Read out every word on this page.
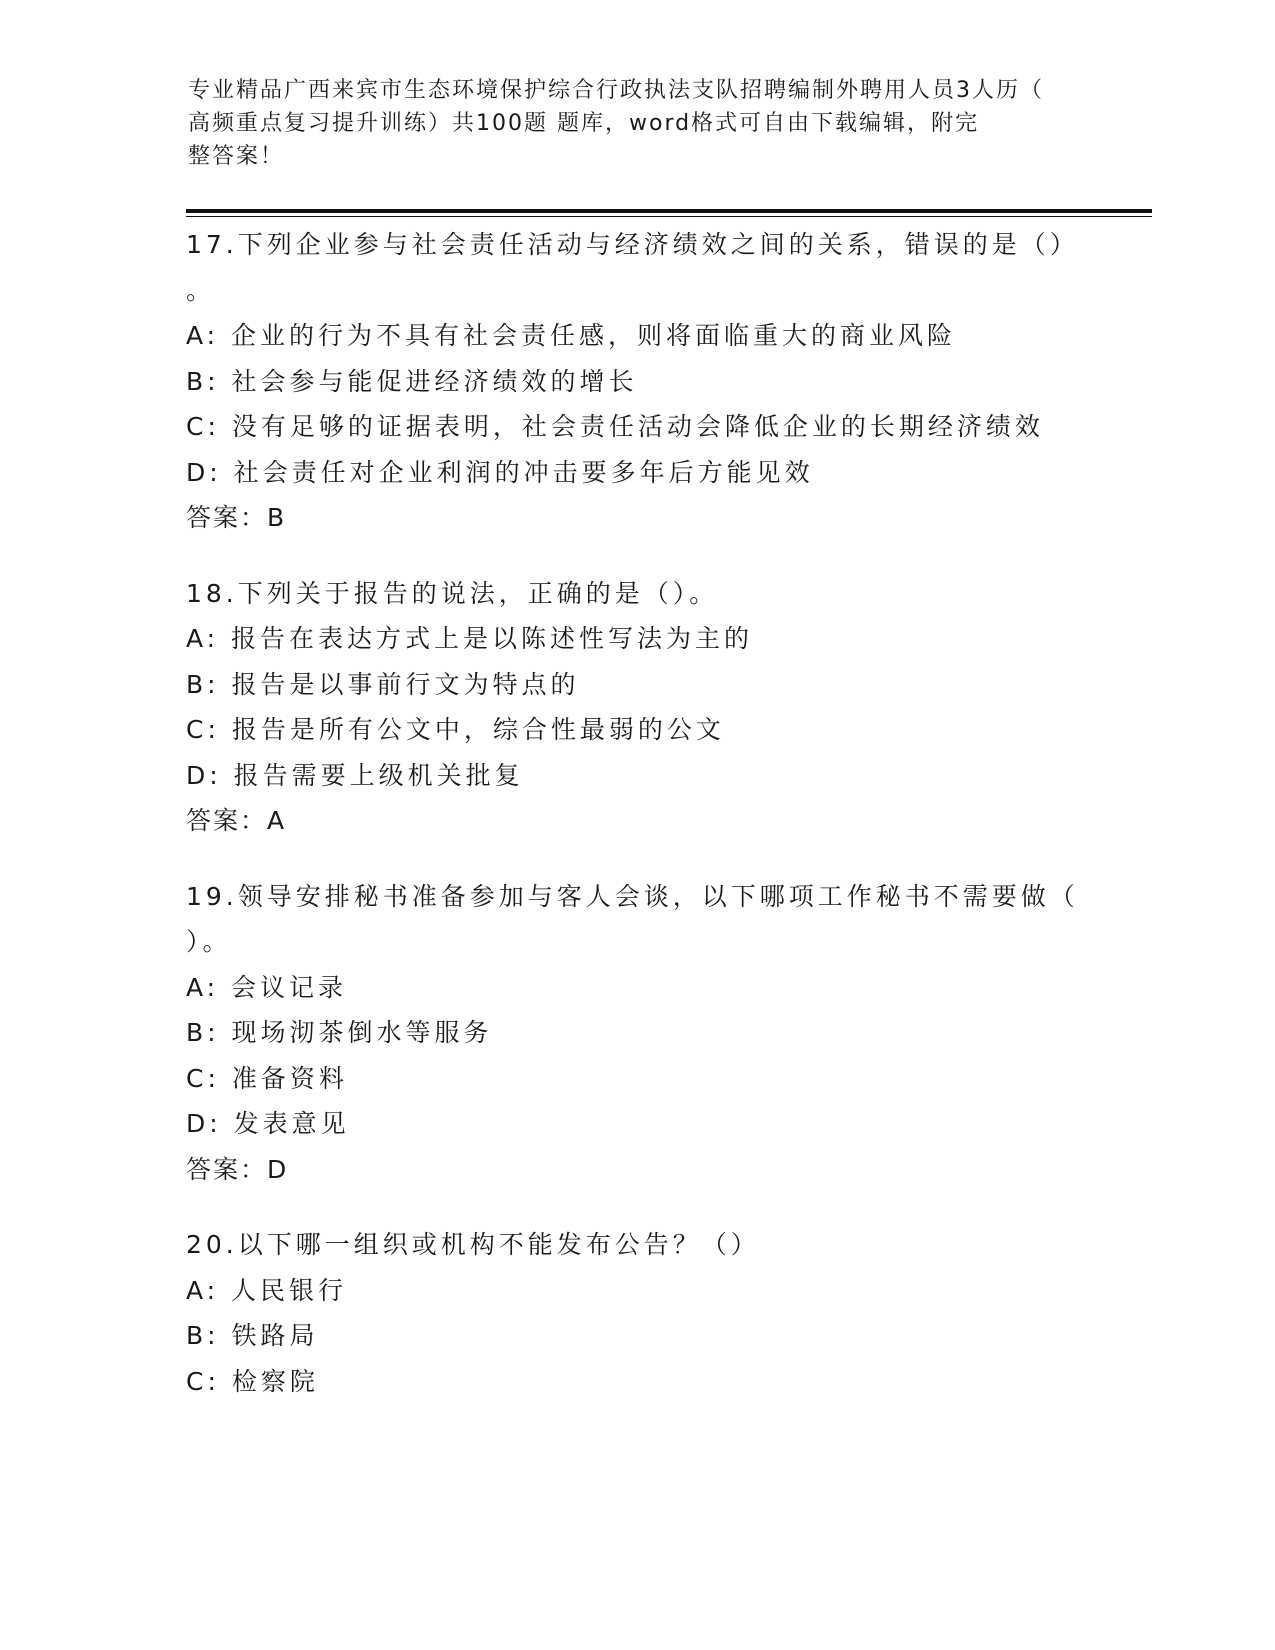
专业精品广西来宾市生态环境保护综合行政执法支队招聘编制外聘用人员3人历（
高频重点复习提升训练）共100题 题库，word格式可自由下载编辑，附完
整答案！
17.下列企业参与社会责任活动与经济绩效之间的关系，错误的是（）
。
A: 企业的行为不具有社会责任感，则将面临重大的商业风险
B: 社会参与能促进经济绩效的增长
C: 没有足够的证据表明，社会责任活动会降低企业的长期经济绩效
D: 社会责任对企业利润的冲击要多年后方能见效
答案：B
18.下列关于报告的说法，正确的是（）。
A: 报告在表达方式上是以陈述性写法为主的
B: 报告是以事前行文为特点的
C: 报告是所有公文中，综合性最弱的公文
D: 报告需要上级机关批复
答案：A
19.领导安排秘书准备参加与客人会谈，以下哪项工作秘书不需要做（
）。
A: 会议记录
B: 现场沏茶倒水等服务
C: 准备资料
D: 发表意见
答案：D
20.以下哪一组织或机构不能发布公告？（）
A: 人民银行
B: 铁路局
C: 检察院
